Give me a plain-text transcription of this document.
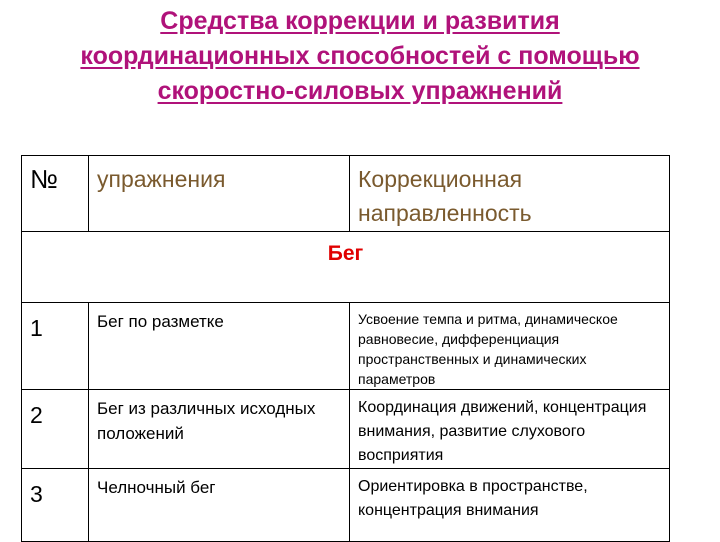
Средства коррекции и развития координационных способностей с помощью скоростно-силовых упражнений
№	упражнения	Коррекционная направленность

Бег		

1	Бег по разметке	Усвоение темпа и ритма, динамическое равновесие, дифференциация пространственных и динамических параметров

2	Бег из различных исходных положений	Координация движений, концентрация внимания, развитие слухового восприятия

3	Челночный бег	Ориентировка в пространстве, концентрация внимания
